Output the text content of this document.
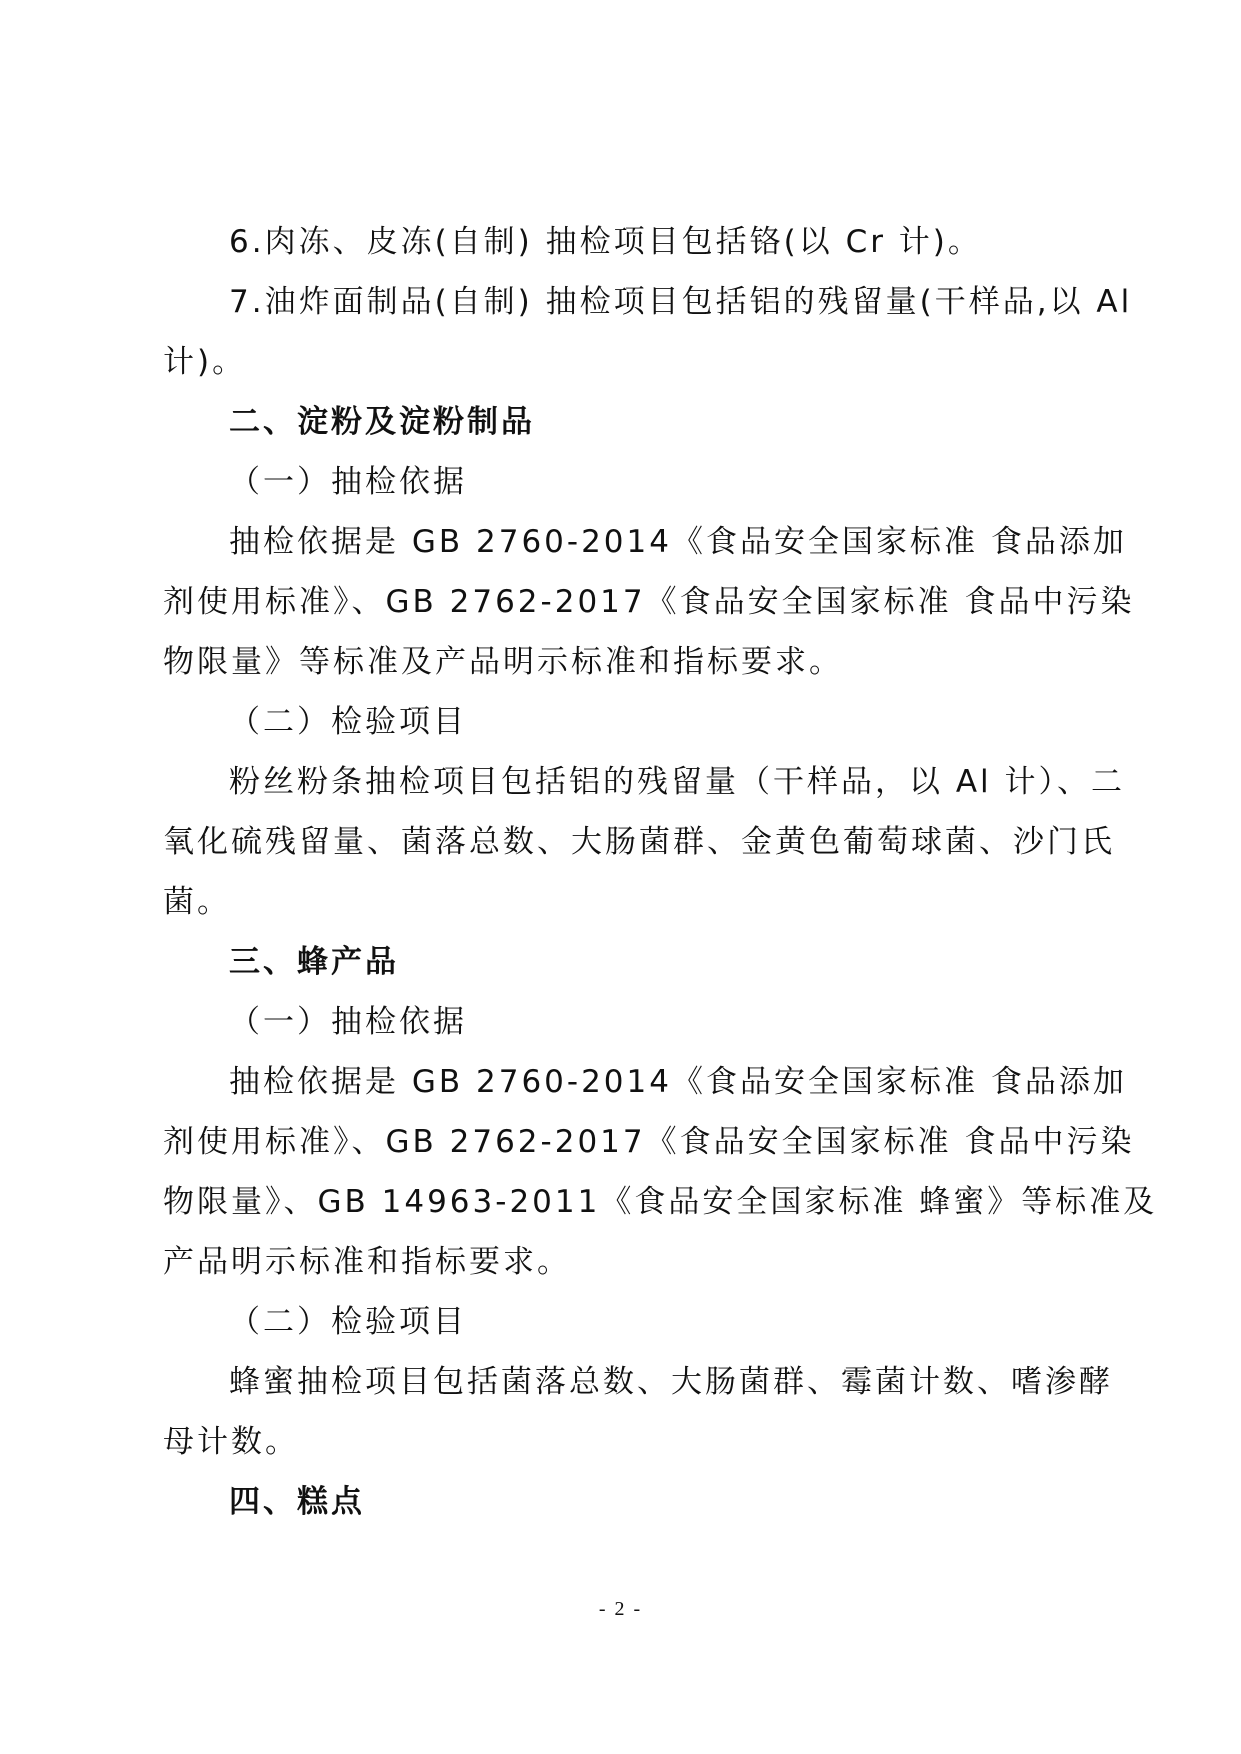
6.肉冻、皮冻(自制) 抽检项目包括铬(以 Cr 计)。
7.油炸面制品(自制) 抽检项目包括铝的残留量(干样品,以 Al
计)。
二、淀粉及淀粉制品
（一）抽检依据
抽检依据是 GB 2760-2014《食品安全国家标准 食品添加
剂使用标准》、GB 2762-2017《食品安全国家标准 食品中污染
物限量》等标准及产品明示标准和指标要求。
（二）检验项目
粉丝粉条抽检项目包括铝的残留量（干样品，以 Al 计）、二
氧化硫残留量、菌落总数、大肠菌群、金黄色葡萄球菌、沙门氏
菌。
三、蜂产品
（一）抽检依据
抽检依据是 GB 2760-2014《食品安全国家标准 食品添加
剂使用标准》、GB 2762-2017《食品安全国家标准 食品中污染
物限量》、GB 14963-2011《食品安全国家标准 蜂蜜》等标准及
产品明示标准和指标要求。
（二）检验项目
蜂蜜抽检项目包括菌落总数、大肠菌群、霉菌计数、嗜渗酵
母计数。
四、糕点
- 2 -
